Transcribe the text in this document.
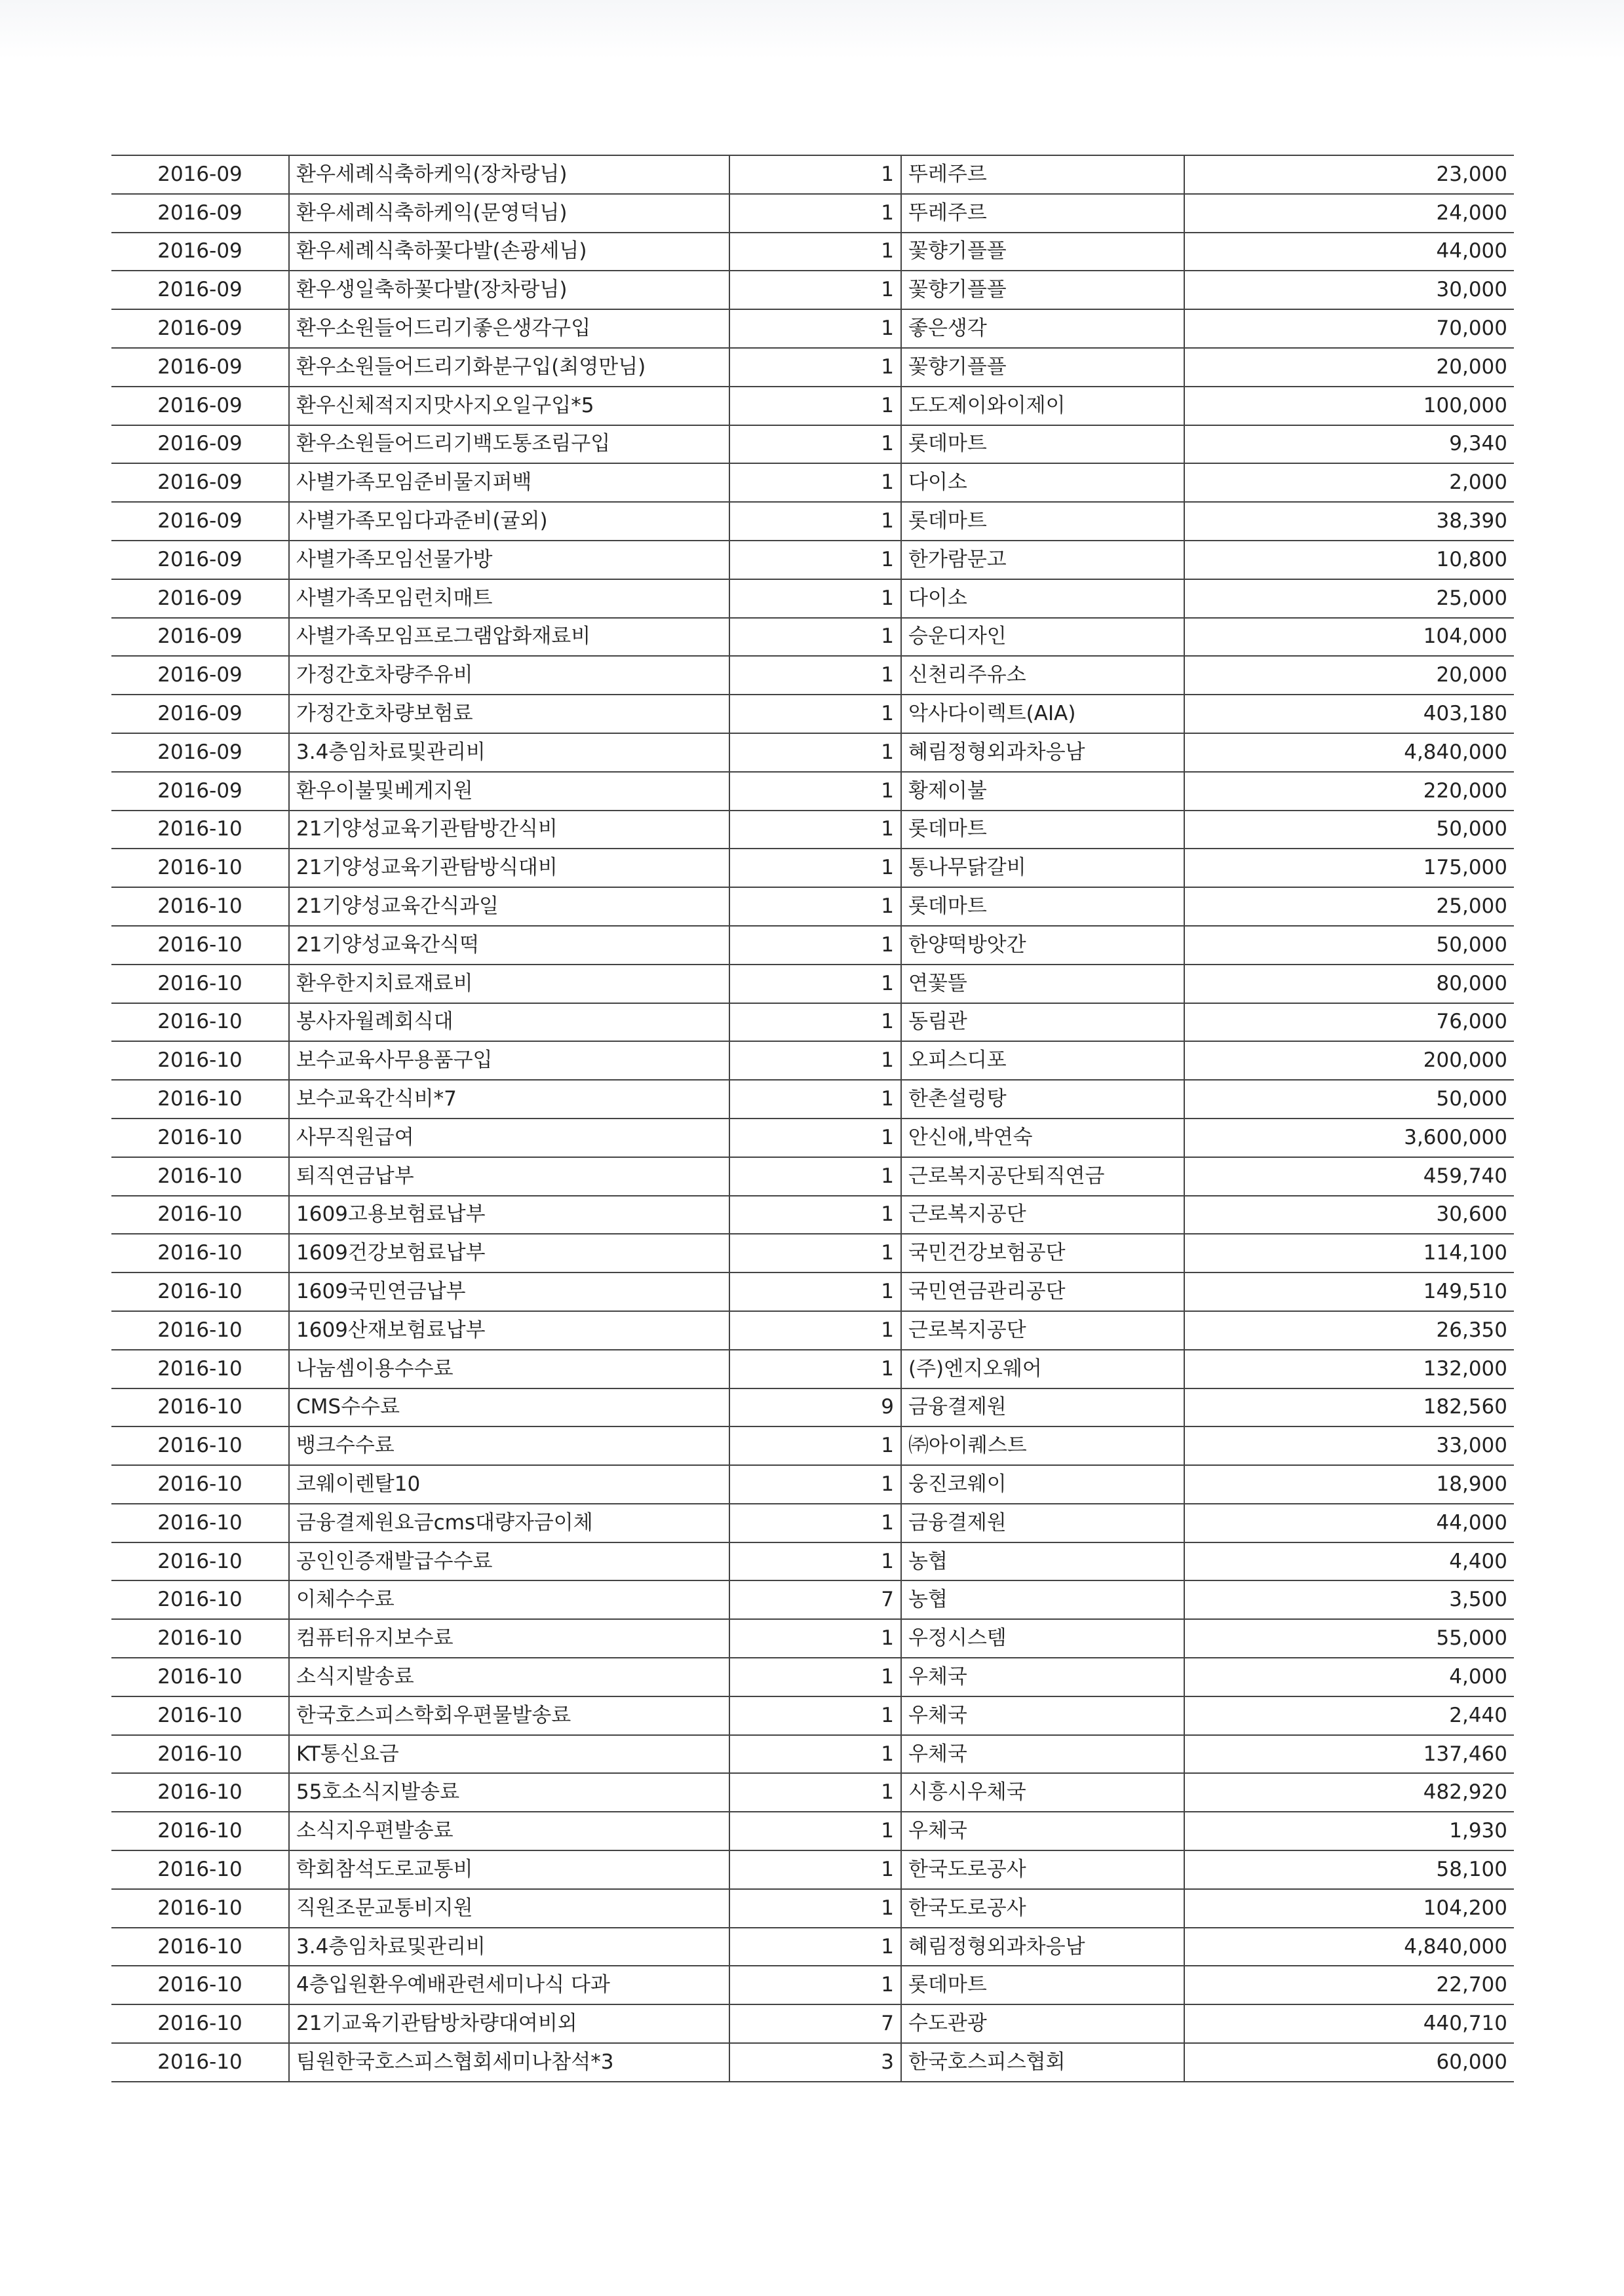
2016-09	환우세례식축하케익(장차랑님)	1	뚜레주르	23,000
2016-09	환우세례식축하케익(문영덕님)	1	뚜레주르	24,000
2016-09	환우세례식축하꽃다발(손광세님)	1	꽃향기플플	44,000
2016-09	환우생일축하꽃다발(장차랑님)	1	꽃향기플플	30,000
2016-09	환우소원들어드리기좋은생각구입	1	좋은생각	70,000
2016-09	환우소원들어드리기화분구입(최영만님)	1	꽃향기플플	20,000
2016-09	환우신체적지지맛사지오일구입*5	1	도도제이와이제이	100,000
2016-09	환우소원들어드리기백도통조림구입	1	롯데마트	9,340
2016-09	사별가족모임준비물지퍼백	1	다이소	2,000
2016-09	사별가족모임다과준비(귤외)	1	롯데마트	38,390
2016-09	사별가족모임선물가방	1	한가람문고	10,800
2016-09	사별가족모임런치매트	1	다이소	25,000
2016-09	사별가족모임프로그램압화재료비	1	승운디자인	104,000
2016-09	가정간호차량주유비	1	신천리주유소	20,000
2016-09	가정간호차량보험료	1	악사다이렉트(AIA)	403,180
2016-09	3.4층임차료및관리비	1	혜림정형외과차응남	4,840,000
2016-09	환우이불및베게지원	1	황제이불	220,000
2016-10	21기양성교육기관탐방간식비	1	롯데마트	50,000
2016-10	21기양성교육기관탐방식대비	1	통나무닭갈비	175,000
2016-10	21기양성교육간식과일	1	롯데마트	25,000
2016-10	21기양성교육간식떡	1	한양떡방앗간	50,000
2016-10	환우한지치료재료비	1	연꽃뜰	80,000
2016-10	봉사자월례회식대	1	동림관	76,000
2016-10	보수교육사무용품구입	1	오피스디포	200,000
2016-10	보수교육간식비*7	1	한촌설렁탕	50,000
2016-10	사무직원급여	1	안신애,박연숙	3,600,000
2016-10	퇴직연금납부	1	근로복지공단퇴직연금	459,740
2016-10	1609고용보험료납부	1	근로복지공단	30,600
2016-10	1609건강보험료납부	1	국민건강보험공단	114,100
2016-10	1609국민연금납부	1	국민연금관리공단	149,510
2016-10	1609산재보험료납부	1	근로복지공단	26,350
2016-10	나눔셈이용수수료	1	(주)엔지오웨어	132,000
2016-10	CMS수수료	9	금융결제원	182,560
2016-10	뱅크수수료	1	㈜아이퀘스트	33,000
2016-10	코웨이렌탈10	1	웅진코웨이	18,900
2016-10	금융결제원요금cms대량자금이체	1	금융결제원	44,000
2016-10	공인인증재발급수수료	1	농협	4,400
2016-10	이체수수료	7	농협	3,500
2016-10	컴퓨터유지보수료	1	우정시스템	55,000
2016-10	소식지발송료	1	우체국	4,000
2016-10	한국호스피스학회우편물발송료	1	우체국	2,440
2016-10	KT통신요금	1	우체국	137,460
2016-10	55호소식지발송료	1	시흥시우체국	482,920
2016-10	소식지우편발송료	1	우체국	1,930
2016-10	학회참석도로교통비	1	한국도로공사	58,100
2016-10	직원조문교통비지원	1	한국도로공사	104,200
2016-10	3.4층임차료및관리비	1	혜림정형외과차응남	4,840,000
2016-10	4층입원환우예배관련세미나식 다과	1	롯데마트	22,700
2016-10	21기교육기관탐방차량대여비외	7	수도관광	440,710
2016-10	팀원한국호스피스협회세미나참석*3	3	한국호스피스협회	60,000
